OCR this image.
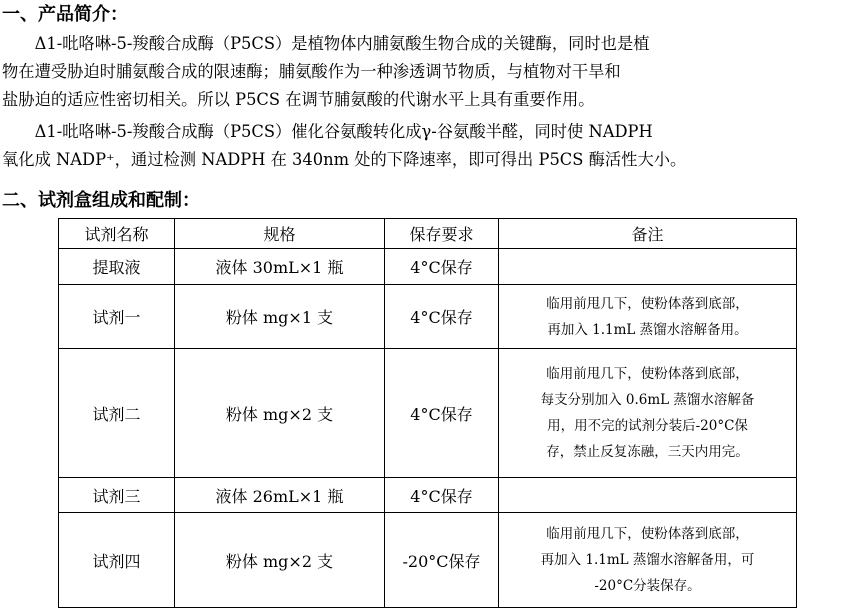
一、产品简介：

Δ1-吡咯啉-5-羧酸合成酶（P5CS）是植物体内脯氨酸生物合成的关键酶，同时也是植
物在遭受胁迫时脯氨酸合成的限速酶；脯氨酸作为一种渗透调节物质，与植物对干旱和
盐胁迫的适应性密切相关。所以 P5CS 在调节脯氨酸的代谢水平上具有重要作用。

Δ1-吡咯啉-5-羧酸合成酶（P5CS）催化谷氨酸转化成γ-谷氨酸半醛，同时使 NADPH
氧化成 NADP⁺，通过检测 NADPH 在 340nm 处的下降速率，即可得出 P5CS 酶活性大小。

二、试剂盒组成和配制：
试剂名称	规格	保存要求	备注
提取液	液体 30mL×1 瓶	4°C保存	
试剂一	粉体 mg×1 支	4°C保存	临用前甩几下，使粉体落到底部，
再加入 1.1mL 蒸馏水溶解备用。

试剂二	粉体 mg×2 支	4°C保存	临用前甩几下，使粉体落到底部，
每支分别加入 0.6mL 蒸馏水溶解备
用，用不完的试剂分装后-20°C保
存，禁止反复冻融，三天内用完。

试剂三	液体 26mL×1 瓶	4°C保存	
试剂四	粉体 mg×2 支	-20°C保存	临用前甩几下，使粉体落到底部，
再加入 1.1mL 蒸馏水溶解备用，可
-20°C分装保存。
